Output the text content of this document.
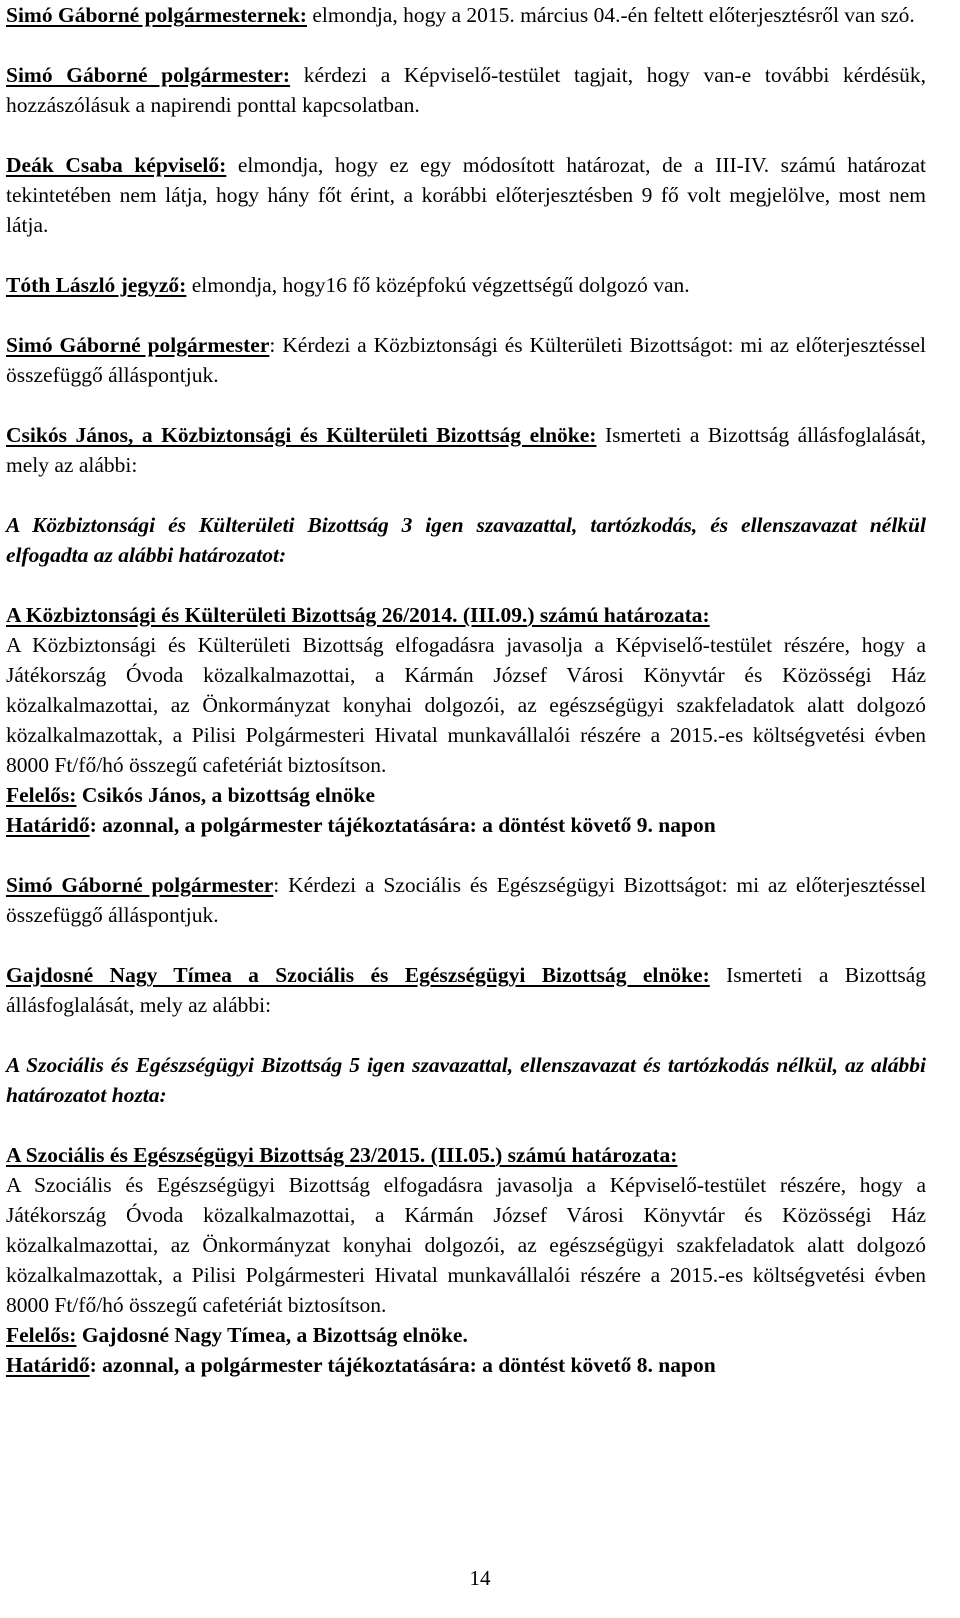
Simó Gáborné polgármesternek: elmondja, hogy a 2015. március 04.-én feltett előterjesztésről van szó.

Simó Gáborné polgármester: kérdezi a Képviselő-testület tagjait, hogy van-e további kérdésük, hozzászólásuk a napirendi ponttal kapcsolatban.

Deák Csaba képviselő: elmondja, hogy ez egy módosított határozat, de a III-IV. számú határozat tekintetében nem látja, hogy hány főt érint, a korábbi előterjesztésben 9 fő volt megjelölve, most nem látja.

Tóth László jegyző: elmondja, hogy16 fő középfokú végzettségű dolgozó van.

Simó Gáborné polgármester: Kérdezi a Közbiztonsági és Külterületi Bizottságot: mi az előterjesztéssel összefüggő álláspontjuk.

Csikós János, a Közbiztonsági és Külterületi Bizottság elnöke: Ismerteti a Bizottság állásfoglalását, mely az alábbi:

A Közbiztonsági és Külterületi Bizottság 3 igen szavazattal, tartózkodás, és ellenszavazat nélkül elfogadta az alábbi határozatot:

A Közbiztonsági és Külterületi Bizottság 26/2014. (III.09.) számú határozata:

A Közbiztonsági és Külterületi Bizottság elfogadásra javasolja a Képviselő-testület részére, hogy a Játékország Óvoda közalkalmazottai, a Kármán József Városi Könyvtár és Közösségi Ház közalkalmazottai, az Önkormányzat konyhai dolgozói, az egészségügyi szakfeladatok alatt dolgozó közalkalmazottak, a Pilisi Polgármesteri Hivatal munkavállalói részére a 2015.-es költségvetési évben 8000 Ft/fő/hó összegű cafetériát biztosítson.

Felelős: Csikós János, a bizottság elnöke

Határidő: azonnal, a polgármester tájékoztatására: a döntést követő 9. napon

Simó Gáborné polgármester: Kérdezi a Szociális és Egészségügyi Bizottságot: mi az előterjesztéssel összefüggő álláspontjuk.

Gajdosné Nagy Tímea a Szociális és Egészségügyi Bizottság elnöke: Ismerteti a Bizottság állásfoglalását, mely az alábbi:

A Szociális és Egészségügyi Bizottság 5 igen szavazattal, ellenszavazat és tartózkodás nélkül, az alábbi határozatot hozta:

A Szociális és Egészségügyi Bizottság 23/2015. (III.05.) számú határozata:

A Szociális és Egészségügyi Bizottság elfogadásra javasolja a Képviselő-testület részére, hogy a Játékország Óvoda közalkalmazottai, a Kármán József Városi Könyvtár és Közösségi Ház közalkalmazottai, az Önkormányzat konyhai dolgozói, az egészségügyi szakfeladatok alatt dolgozó közalkalmazottak, a Pilisi Polgármesteri Hivatal munkavállalói részére a 2015.-es költségvetési évben 8000 Ft/fő/hó összegű cafetériát biztosítson.

Felelős: Gajdosné Nagy Tímea, a Bizottság elnöke.

Határidő: azonnal, a polgármester tájékoztatására: a döntést követő 8. napon

14
